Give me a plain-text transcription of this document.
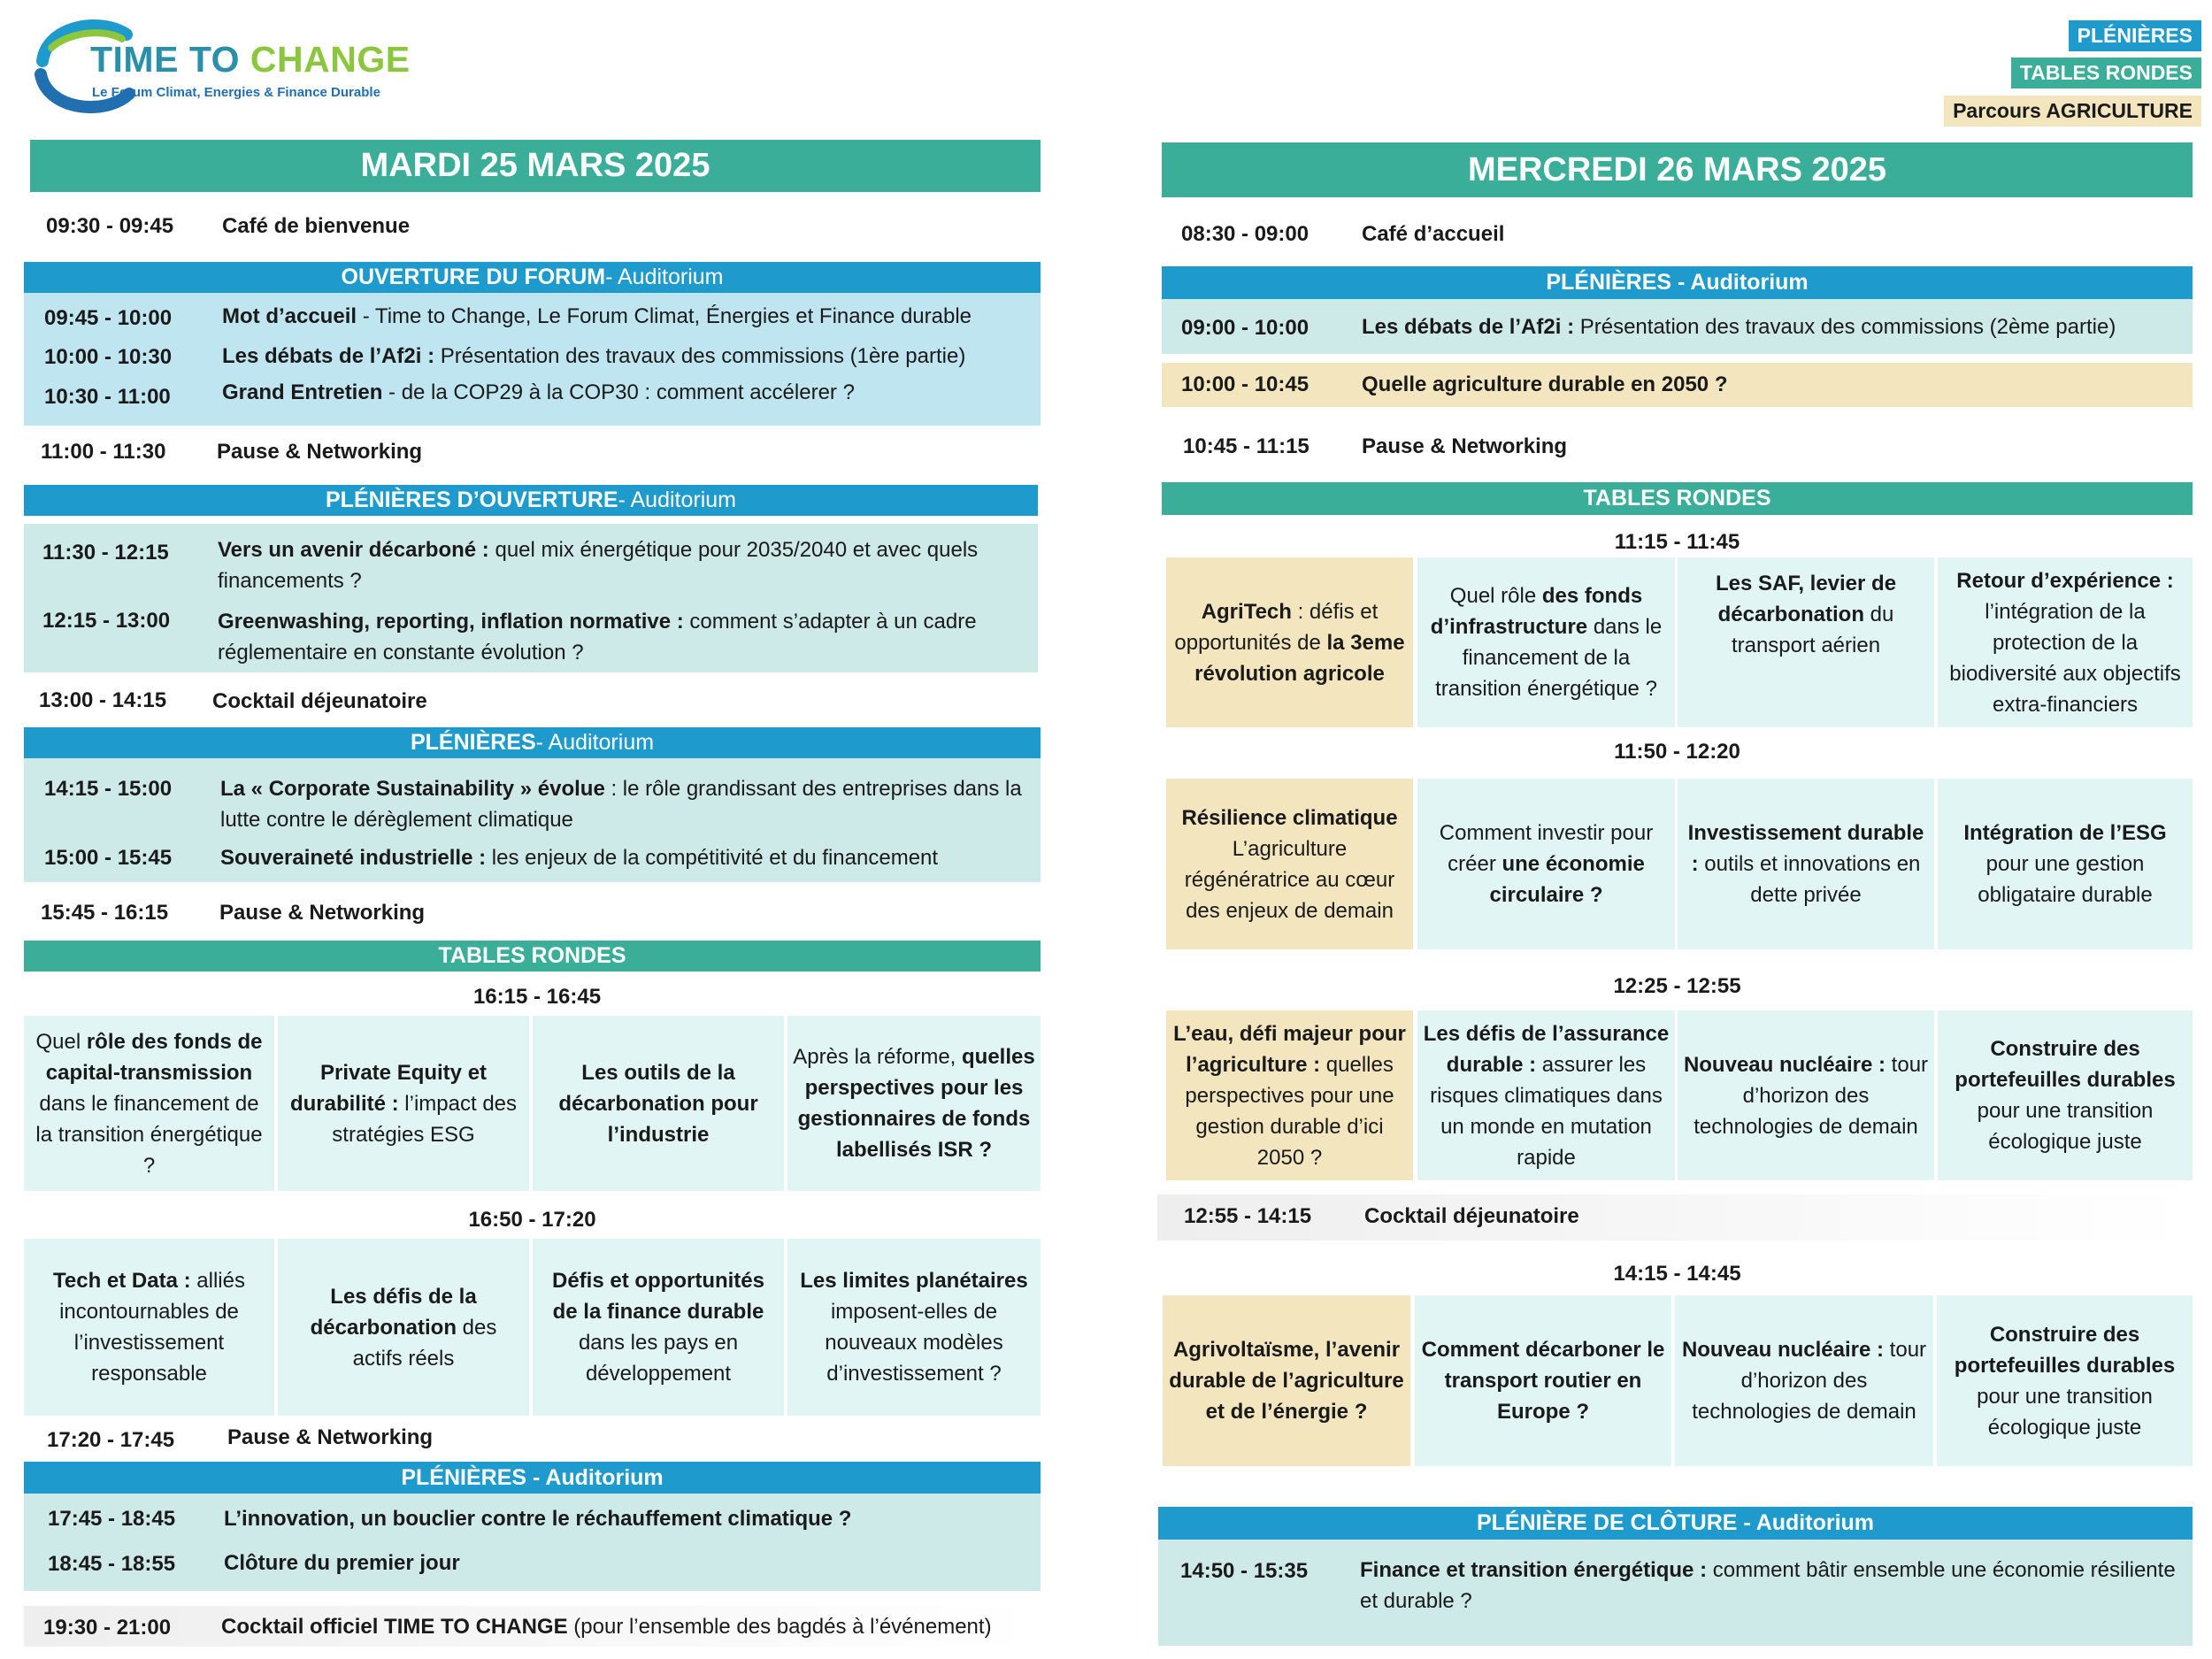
TIME TO CHANGE
Le Forum Climat, Energies & Finance Durable
PLÉNIÈRES
TABLES RONDES
Parcours AGRICULTURE
MARDI 25 MARS 2025
09:30 - 09:45 Café de bienvenue
OUVERTURE DU FORUM - Auditorium
09:45 - 10:00 Mot d’accueil - Time to Change, Le Forum Climat, Énergies et Finance durable
10:00 - 10:30 Les débats de l’Af2i : Présentation des travaux des commissions (1ère partie)
10:30 - 11:00 Grand Entretien - de la COP29 à la COP30 : comment accélerer ?
11:00 - 11:30 Pause & Networking
PLÉNIÈRES D’OUVERTURE - Auditorium
11:30 - 12:15 Vers un avenir décarboné : quel mix énergétique pour 2035/2040 et avec quels financements ?
12:15 - 13:00 Greenwashing, reporting, inflation normative : comment s’adapter à un cadre réglementaire en constante évolution ?
13:00 - 14:15 Cocktail déjeunatoire
PLÉNIÈRES - Auditorium
14:15 - 15:00 La « Corporate Sustainability » évolue : le rôle grandissant des entreprises dans la lutte contre le dérèglement climatique
15:00 - 15:45 Souveraineté industrielle : les enjeux de la compétitivité et du financement
15:45 - 16:15 Pause & Networking
TABLES RONDES
16:15 - 16:45
Quel rôle des fonds de capital-transmission dans le financement de la transition énergétique ?
Private Equity et durabilité : l’impact des stratégies ESG
Les outils de la décarbonation pour l’industrie
Après la réforme, quelles perspectives pour les gestionnaires de fonds labellisés ISR ?
16:50 - 17:20
Tech et Data : alliés incontournables de l’investissement responsable
Les défis de la décarbonation des actifs réels
Défis et opportunités de la finance durable dans les pays en développement
Les limites planétaires imposent-elles de nouveaux modèles d’investissement ?
17:20 - 17:45 Pause & Networking
PLÉNIÈRES - Auditorium
17:45 - 18:45 L’innovation, un bouclier contre le réchauffement climatique ?
18:45 - 18:55 Clôture du premier jour
19:30 - 21:00 Cocktail officiel TIME TO CHANGE (pour l’ensemble des bagdés à l’événement)
MERCREDI 26 MARS 2025
08:30 - 09:00 Café d’accueil
PLÉNIÈRES - Auditorium
09:00 - 10:00 Les débats de l’Af2i : Présentation des travaux des commissions (2ème partie)
10:00 - 10:45 Quelle agriculture durable en 2050 ?
10:45 - 11:15 Pause & Networking
TABLES RONDES
11:15 - 11:45
AgriTech : défis et opportunités de la 3eme révolution agricole
Quel rôle des fonds d’infrastructure dans le financement de la transition énergétique ?
Les SAF, levier de décarbonation du transport aérien
Retour d’expérience : l’intégration de la protection de la biodiversité aux objectifs extra-financiers
11:50 - 12:20
Résilience climatique L’agriculture régénératrice au cœur des enjeux de demain
Comment investir pour créer une économie circulaire ?
Investissement durable : outils et innovations en dette privée
Intégration de l’ESG pour une gestion obligataire durable
12:25 - 12:55
L’eau, défi majeur pour l’agriculture : quelles perspectives pour une gestion durable d’ici 2050 ?
Les défis de l’assurance durable : assurer les risques climatiques dans un monde en mutation rapide
Nouveau nucléaire : tour d’horizon des technologies de demain
Construire des portefeuilles durables pour une transition écologique juste
12:55 - 14:15 Cocktail déjeunatoire
14:15 - 14:45
Agrivoltaïsme, l’avenir durable de l’agriculture et de l’énergie ?
Comment décarboner le transport routier en Europe ?
Nouveau nucléaire : tour d’horizon des technologies de demain
Construire des portefeuilles durables pour une transition écologique juste
PLÉNIÈRE DE CLÔTURE - Auditorium
14:50 - 15:35 Finance et transition énergétique : comment bâtir ensemble une économie résiliente et durable ?
